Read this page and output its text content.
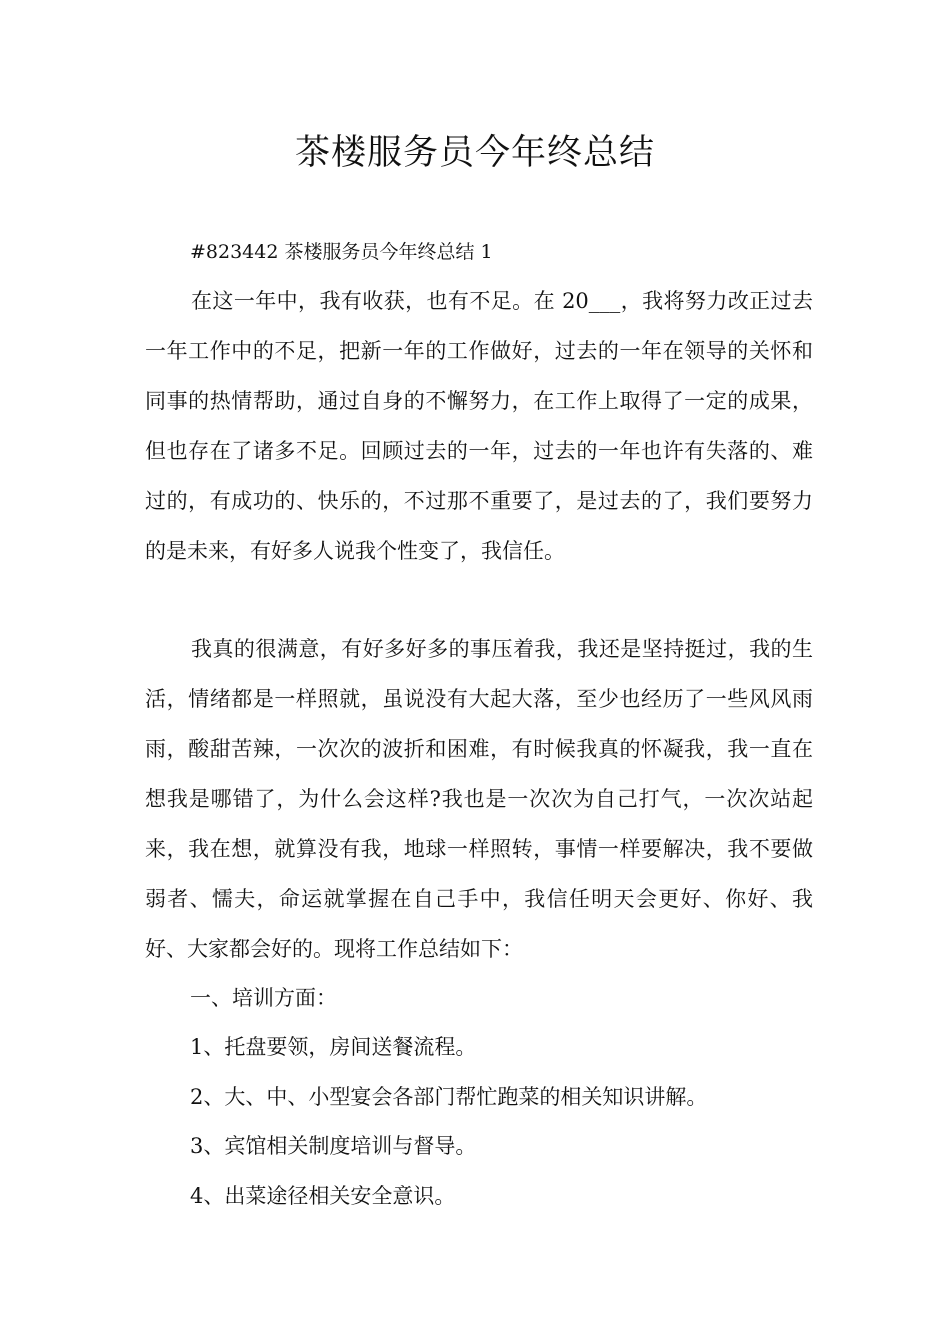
茶楼服务员今年终总结

#823442 茶楼服务员今年终总结 1

在这一年中，我有收获，也有不足。在 20___，我将努力改正过去一年工作中的不足，把新一年的工作做好，过去的一年在领导的关怀和同事的热情帮助，通过自身的不懈努力，在工作上取得了一定的成果，但也存在了诸多不足。回顾过去的一年，过去的一年也许有失落的、难过的，有成功的、快乐的，不过那不重要了，是过去的了，我们要努力的是未来，有好多人说我个性变了，我信任。

我真的很满意，有好多好多的事压着我，我还是坚持挺过，我的生活，情绪都是一样照就，虽说没有大起大落，至少也经历了一些风风雨雨，酸甜苦辣，一次次的波折和困难，有时候我真的怀凝我，我一直在想我是哪错了，为什么会这样?我也是一次次为自己打气，一次次站起来，我在想，就算没有我，地球一样照转，事情一样要解决，我不要做弱者、懦夫，命运就掌握在自己手中，我信任明天会更好、你好、我好、大家都会好的。现将工作总结如下：

一、培训方面：

1、托盘要领，房间送餐流程。

2、大、中、小型宴会各部门帮忙跑菜的相关知识讲解。

3、宾馆相关制度培训与督导。

4、出菜途径相关安全意识。
